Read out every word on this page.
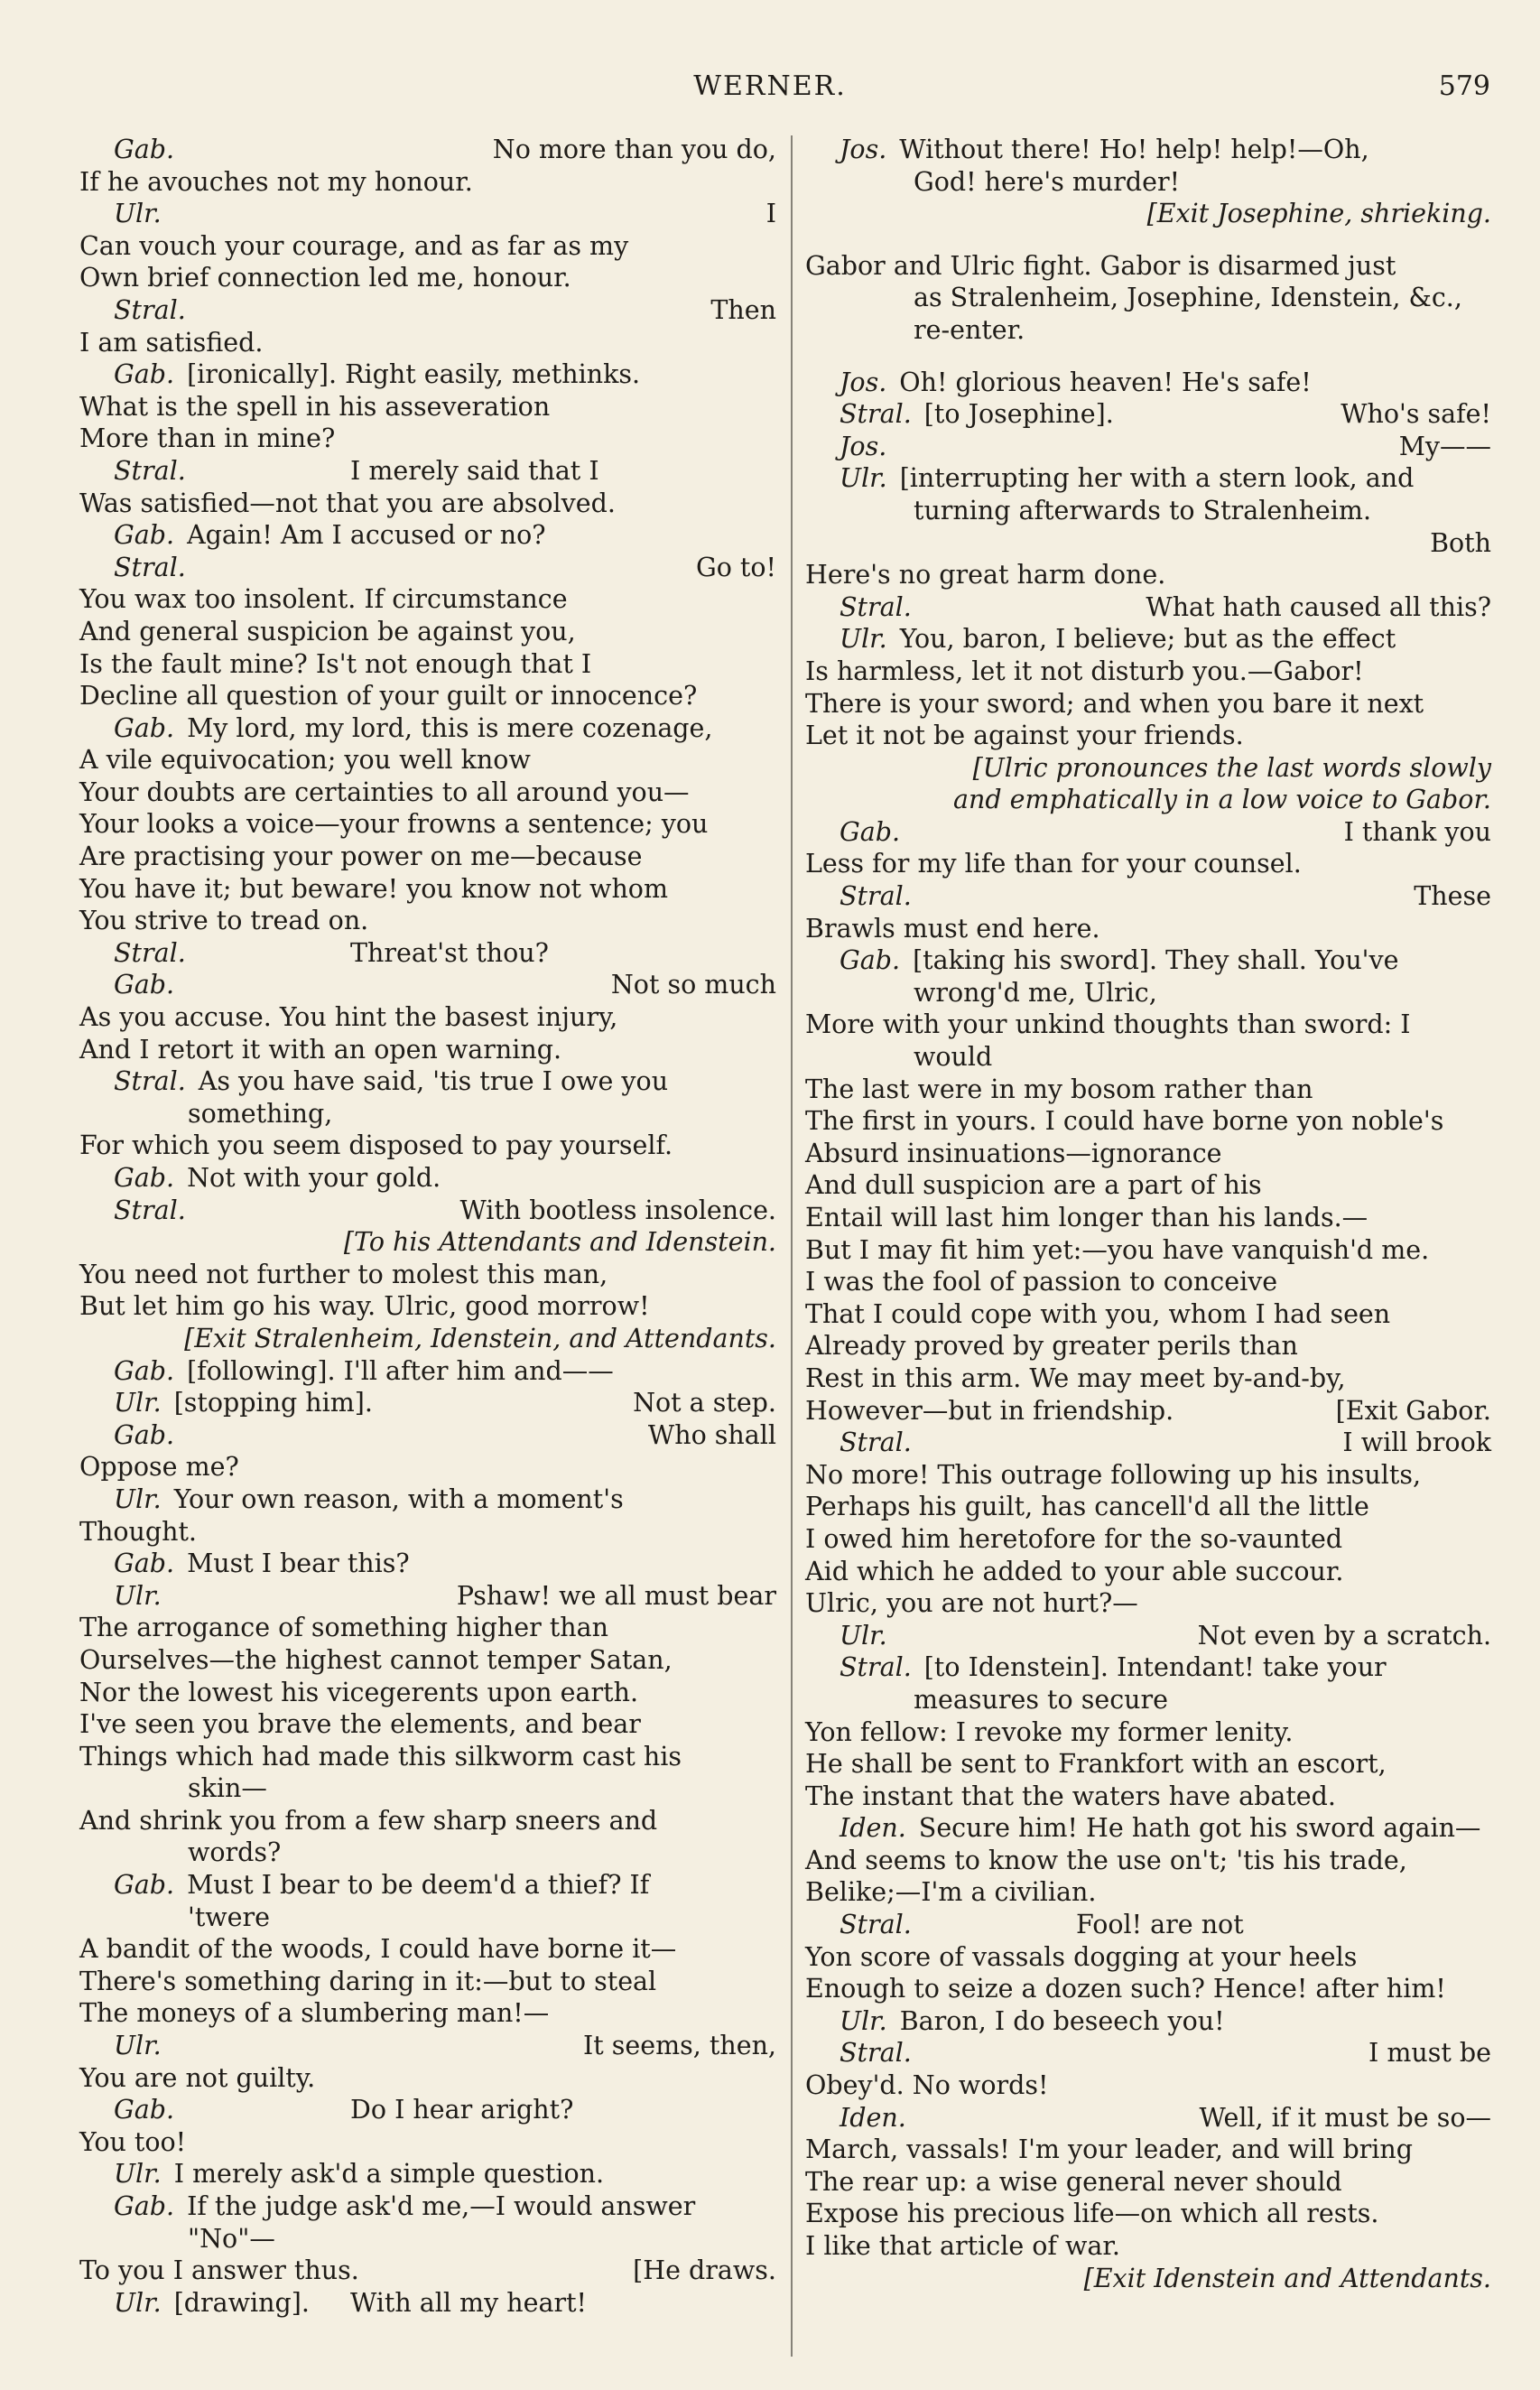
WERNER.	579
Gab.	No more than you do,
If he avouches not my honour.
Ulr.	I
Can vouch your courage, and as far as my
Own brief connection led me, honour.
Stral.	Then
I am satisfied.
Gab. [ironically]. Right easily, methinks.
What is the spell in his asseveration
More than in mine?
Stral.	I merely said that I
Was satisfied—not that you are absolved.
Gab. Again! Am I accused or no?
Stral.	Go to!
You wax too insolent. If circumstance
And general suspicion be against you,
Is the fault mine? Is't not enough that I
Decline all question of your guilt or innocence?
Gab. My lord, my lord, this is mere cozenage,
A vile equivocation; you well know
Your doubts are certainties to all around you—
Your looks a voice—your frowns a sentence; you
Are practising your power on me—because
You have it; but beware! you know not whom
You strive to tread on.
Stral.	Threat'st thou?
Gab.	Not so much
As you accuse. You hint the basest injury,
And I retort it with an open warning.
Stral. As you have said, 'tis true I owe you
something,
For which you seem disposed to pay yourself.
Gab. Not with your gold.
Stral.	With bootless insolence.
[To his Attendants and Idenstein.
You need not further to molest this man,
But let him go his way. Ulric, good morrow!
[Exit Stralenheim, Idenstein, and Attendants.
Gab. [following]. I'll after him and——
Ulr. [stopping him].	Not a step.
Gab.	Who shall
Oppose me?
Ulr. Your own reason, with a moment's
Thought.
Gab. Must I bear this?
Ulr.	Pshaw! we all must bear
The arrogance of something higher than
Ourselves—the highest cannot temper Satan,
Nor the lowest his vicegerents upon earth.
I've seen you brave the elements, and bear
Things which had made this silkworm cast his
skin—
And shrink you from a few sharp sneers and
words?
Gab. Must I bear to be deem'd a thief? If
'twere
A bandit of the woods, I could have borne it—
There's something daring in it:—but to steal
The moneys of a slumbering man!—
Ulr.	It seems, then,
You are not guilty.
Gab.	Do I hear aright?
You too!
Ulr. I merely ask'd a simple question.
Gab. If the judge ask'd me,—I would answer
"No"—
To you I answer thus.	[He draws.
Ulr. [drawing]. With all my heart!
Jos. Without there! Ho! help! help!—Oh,
God! here's murder!
[Exit Josephine, shrieking.
Gabor and Ulric fight. Gabor is disarmed just
as Stralenheim, Josephine, Idenstein, &c.,
re-enter.
Jos. Oh! glorious heaven! He's safe!
Stral. [to Josephine].	Who's safe!
Jos.	My——
Ulr. [interrupting her with a stern look, and
turning afterwards to Stralenheim.
Both
Here's no great harm done.
Stral.	What hath caused all this?
Ulr. You, baron, I believe; but as the effect
Is harmless, let it not disturb you.—Gabor!
There is your sword; and when you bare it next
Let it not be against your friends.
[Ulric pronounces the last words slowly
and emphatically in a low voice to Gabor.
Gab.	I thank you
Less for my life than for your counsel.
Stral.	These
Brawls must end here.
Gab. [taking his sword]. They shall. You've
wrong'd me, Ulric,
More with your unkind thoughts than sword: I
would
The last were in my bosom rather than
The first in yours. I could have borne yon noble's
Absurd insinuations—ignorance
And dull suspicion are a part of his
Entail will last him longer than his lands.—
But I may fit him yet:—you have vanquish'd me.
I was the fool of passion to conceive
That I could cope with you, whom I had seen
Already proved by greater perils than
Rest in this arm. We may meet by-and-by,
However—but in friendship.	[Exit Gabor.
Stral.	I will brook
No more! This outrage following up his insults,
Perhaps his guilt, has cancell'd all the little
I owed him heretofore for the so-vaunted
Aid which he added to your able succour.
Ulric, you are not hurt?—
Ulr.	Not even by a scratch.
Stral. [to Idenstein]. Intendant! take your
measures to secure
Yon fellow: I revoke my former lenity.
He shall be sent to Frankfort with an escort,
The instant that the waters have abated.
Iden. Secure him! He hath got his sword again—
And seems to know the use on't; 'tis his trade,
Belike;—I'm a civilian.
Stral.	Fool! are not
Yon score of vassals dogging at your heels
Enough to seize a dozen such? Hence! after him!
Ulr. Baron, I do beseech you!
Stral.	I must be
Obey'd. No words!
Iden.	Well, if it must be so—
March, vassals! I'm your leader, and will bring
The rear up: a wise general never should
Expose his precious life—on which all rests.
I like that article of war.
[Exit Idenstein and Attendants.
